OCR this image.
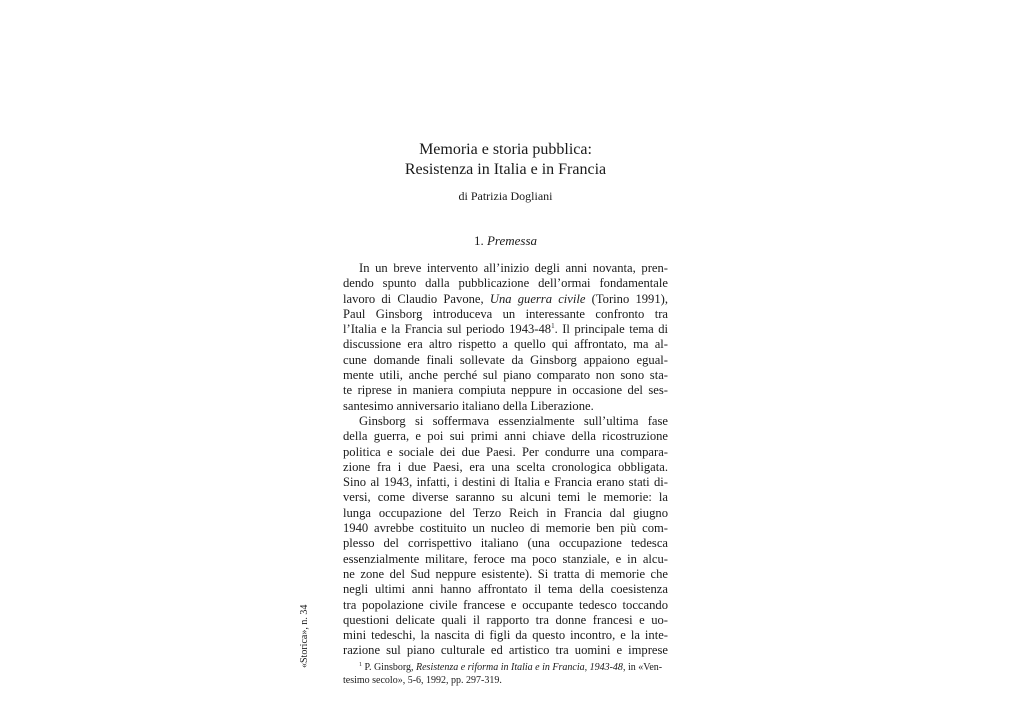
Memoria e storia pubblica:
Resistenza in Italia e in Francia
di Patrizia Dogliani
1. Premessa
In un breve intervento all’inizio degli anni novanta, pren-
dendo spunto dalla pubblicazione dell’ormai fondamentale
lavoro di Claudio Pavone, Una guerra civile (Torino 1991),
Paul Ginsborg introduceva un interessante confronto tra
l’Italia e la Francia sul periodo $1943-48^1$. Il principale tema di
discussione era altro rispetto a quello qui affrontato, ma al-
cune domande finali sollevate da Ginsborg appaiono egual-
mente utili, anche perché sul piano comparato non sono sta-
te riprese in maniera compiuta neppure in occasione del ses-
santesimo anniversario italiano della Liberazione.
Ginsborg si soffermava essenzialmente sull’ultima fase
della guerra, e poi sui primi anni chiave della ricostruzione
politica e sociale dei due Paesi. Per condurre una compara-
zione fra i due Paesi, era una scelta cronologica obbligata.
Sino al 1943, infatti, i destini di Italia e Francia erano stati di-
versi, come diverse saranno su alcuni temi le memorie: la
lunga occupazione del Terzo Reich in Francia dal giugno
1940 avrebbe costituito un nucleo di memorie ben più com-
plesso del corrispettivo italiano (una occupazione tedesca
essenzialmente militare, feroce ma poco stanziale, e in alcu-
ne zone del Sud neppure esistente). Si tratta di memorie che
negli ultimi anni hanno affrontato il tema della coesistenza
tra popolazione civile francese e occupante tedesco toccando
questioni delicate quali il rapporto tra donne francesi e uo-
mini tedeschi, la nascita di figli da questo incontro, e la inte-
razione sul piano culturale ed artistico tra uomini e imprese
$^1$ P. Ginsborg, Resistenza e riforma in Italia e in Francia, 1943-48, in «Ven-
tesimo secolo», 5-6, 1992, pp. 297-319.
«Storica», n. 34
